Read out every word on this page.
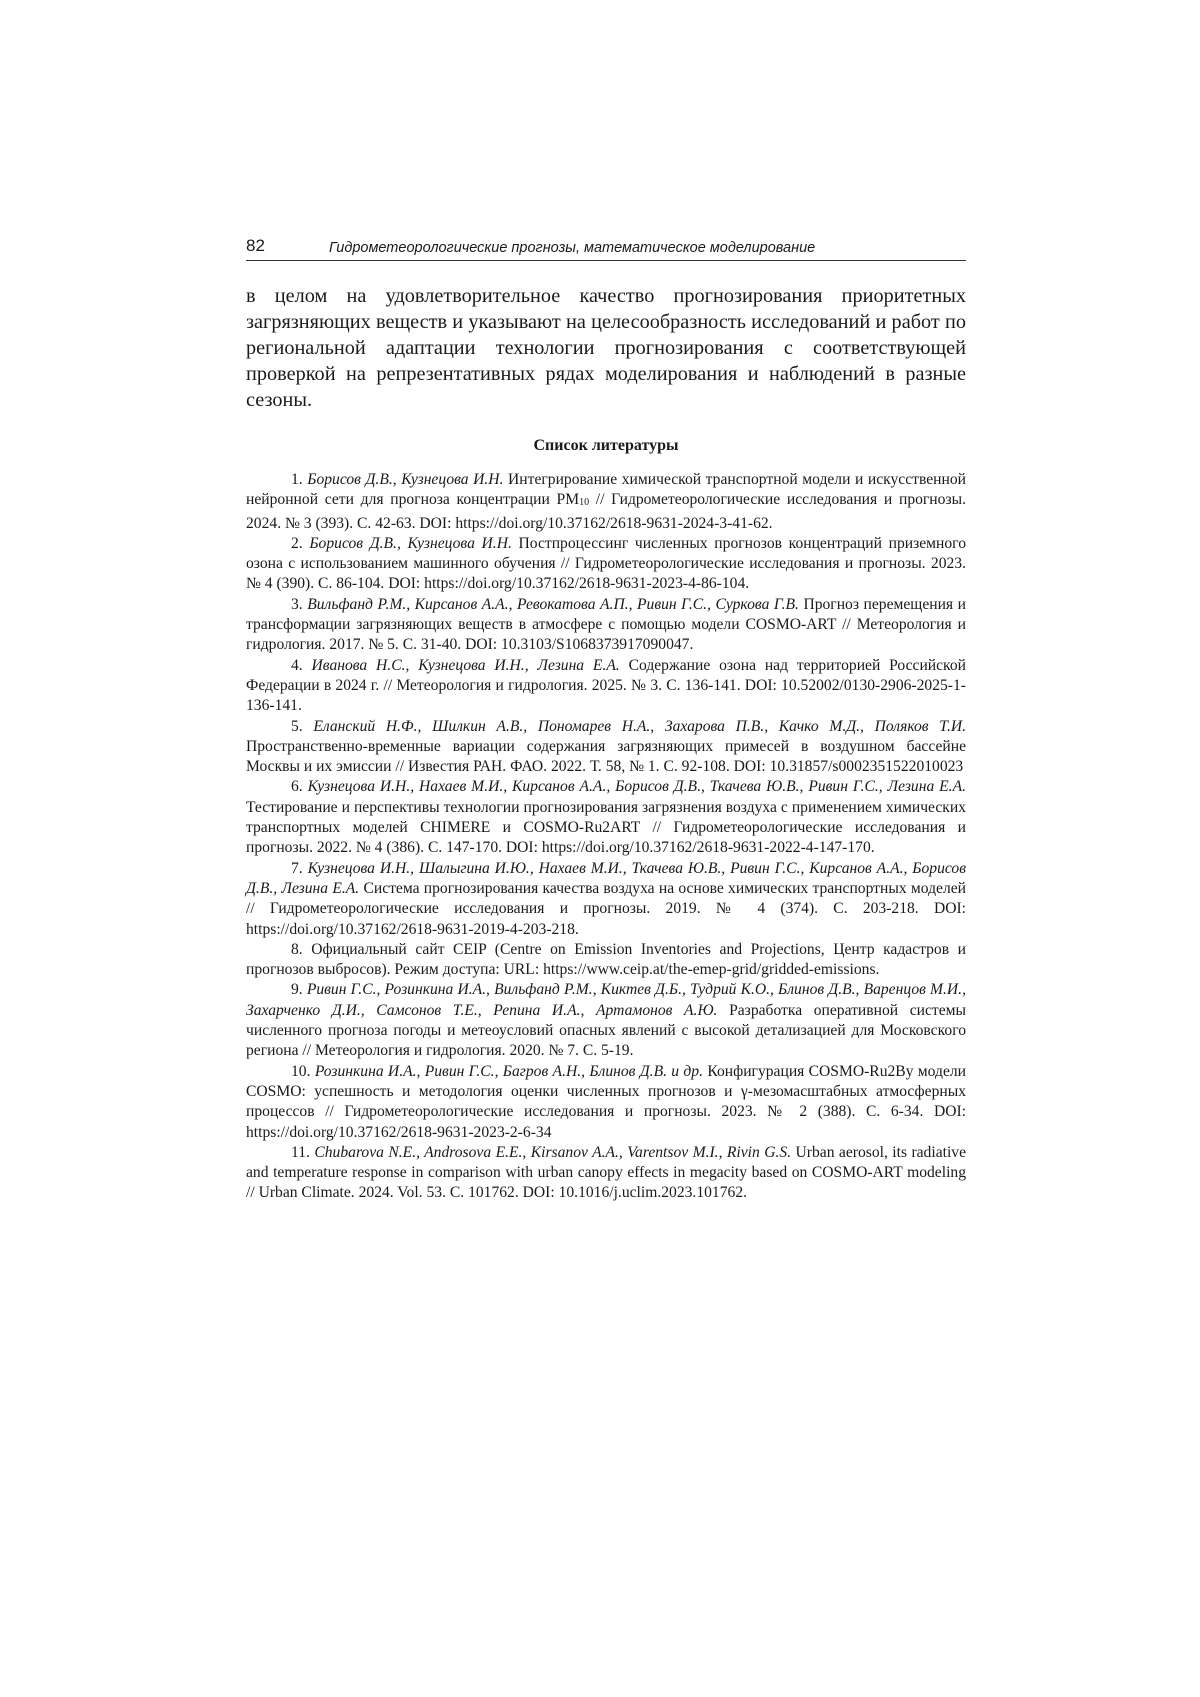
82	Гидрометеорологические прогнозы, математическое моделирование

в целом на удовлетворительное качество прогнозирования приоритетных загрязняющих веществ и указывают на целесообразность исследований и работ по региональной адаптации технологии прогнозирования с соответствующей проверкой на репрезентативных рядах моделирования и наблюдений в разные сезоны.

Список литературы

1. Борисов Д.В., Кузнецова И.Н. Интегрирование химической транспортной модели и искусственной нейронной сети для прогноза концентрации $PM_{10}$ // Гидрометеорологические исследования и прогнозы. 2024. № 3 (393). С. 42-63. DOI: https://doi.org/10.37162/2618-9631-2024-3-41-62.

2. Борисов Д.В., Кузнецова И.Н. Постпроцессинг численных прогнозов концентраций приземного озона с использованием машинного обучения // Гидрометеорологические исследования и прогнозы. 2023. № 4 (390). С. 86-104. DOI: https://doi.org/10.37162/2618-9631-2023-4-86-104.

3. Вильфанд Р.М., Кирсанов А.А., Ревокатова А.П., Ривин Г.С., Суркова Г.В. Прогноз перемещения и трансформации загрязняющих веществ в атмосфере с помощью модели COSMO-ART // Метеорология и гидрология. 2017. № 5. С. 31-40. DOI: 10.3103/S1068373917090047.

4. Иванова Н.С., Кузнецова И.Н., Лезина Е.А. Содержание озона над территорией Российской Федерации в 2024 г. // Метеорология и гидрология. 2025. № 3. С. 136-141. DOI: 10.52002/0130-2906-2025-1-136-141.

5. Еланский Н.Ф., Шилкин А.В., Пономарев Н.А., Захарова П.В., Качко М.Д., Поляков Т.И. Пространственно-временные вариации содержания загрязняющих примесей в воздушном бассейне Москвы и их эмиссии // Известия РАН. ФАО. 2022. Т. 58, № 1. С. 92-108. DOI: 10.31857/s0002351522010023

6. Кузнецова И.Н., Нахаев М.И., Кирсанов А.А., Борисов Д.В., Ткачева Ю.В., Ривин Г.С., Лезина Е.А. Тестирование и перспективы технологии прогнозирования загрязнения воздуха с применением химических транспортных моделей CHIMERE и COSMO-Ru2ART // Гидрометеорологические исследования и прогнозы. 2022. № 4 (386). С. 147-170. DOI: https://doi.org/10.37162/2618-9631-2022-4-147-170.

7. Кузнецова И.Н., Шалыгина И.Ю., Нахаев М.И., Ткачева Ю.В., Ривин Г.С., Кирсанов А.А., Борисов Д.В., Лезина Е.А. Система прогнозирования качества воздуха на основе химических транспортных моделей // Гидрометеорологические исследования и прогнозы. 2019. № 4 (374). С. 203-218. DOI: https://doi.org/10.37162/2618-9631-2019-4-203-218.

8. Официальный сайт CEIP (Centre on Emission Inventories and Projections, Центр кадастров и прогнозов выбросов). Режим доступа: URL: https://www.ceip.at/the-emep-grid/gridded-emissions.

9. Ривин Г.С., Розинкина И.А., Вильфанд Р.М., Киктев Д.Б., Тудрий К.О., Блинов Д.В., Варенцов М.И., Захарченко Д.И., Самсонов Т.Е., Репина И.А., Артамонов А.Ю. Разработка оперативной системы численного прогноза погоды и метеоусловий опасных явлений с высокой детализацией для Московского региона // Метеорология и гидрология. 2020. № 7. С. 5-19.

10. Розинкина И.А., Ривин Г.С., Багров А.Н., Блинов Д.В. и др. Конфигурация COSMO-Ru2By модели COSMO: успешность и методология оценки численных прогнозов и γ-мезомасштабных атмосферных процессов // Гидрометеорологические исследования и прогнозы. 2023. № 2 (388). С. 6-34. DOI: https://doi.org/10.37162/2618-9631-2023-2-6-34

11. Chubarova N.E., Androsova E.E., Kirsanov A.A., Varentsov M.I., Rivin G.S. Urban aerosol, its radiative and temperature response in comparison with urban canopy effects in megacity based on COSMO-ART modeling // Urban Climate. 2024. Vol. 53. С. 101762. DOI: 10.1016/j.uclim.2023.101762.
